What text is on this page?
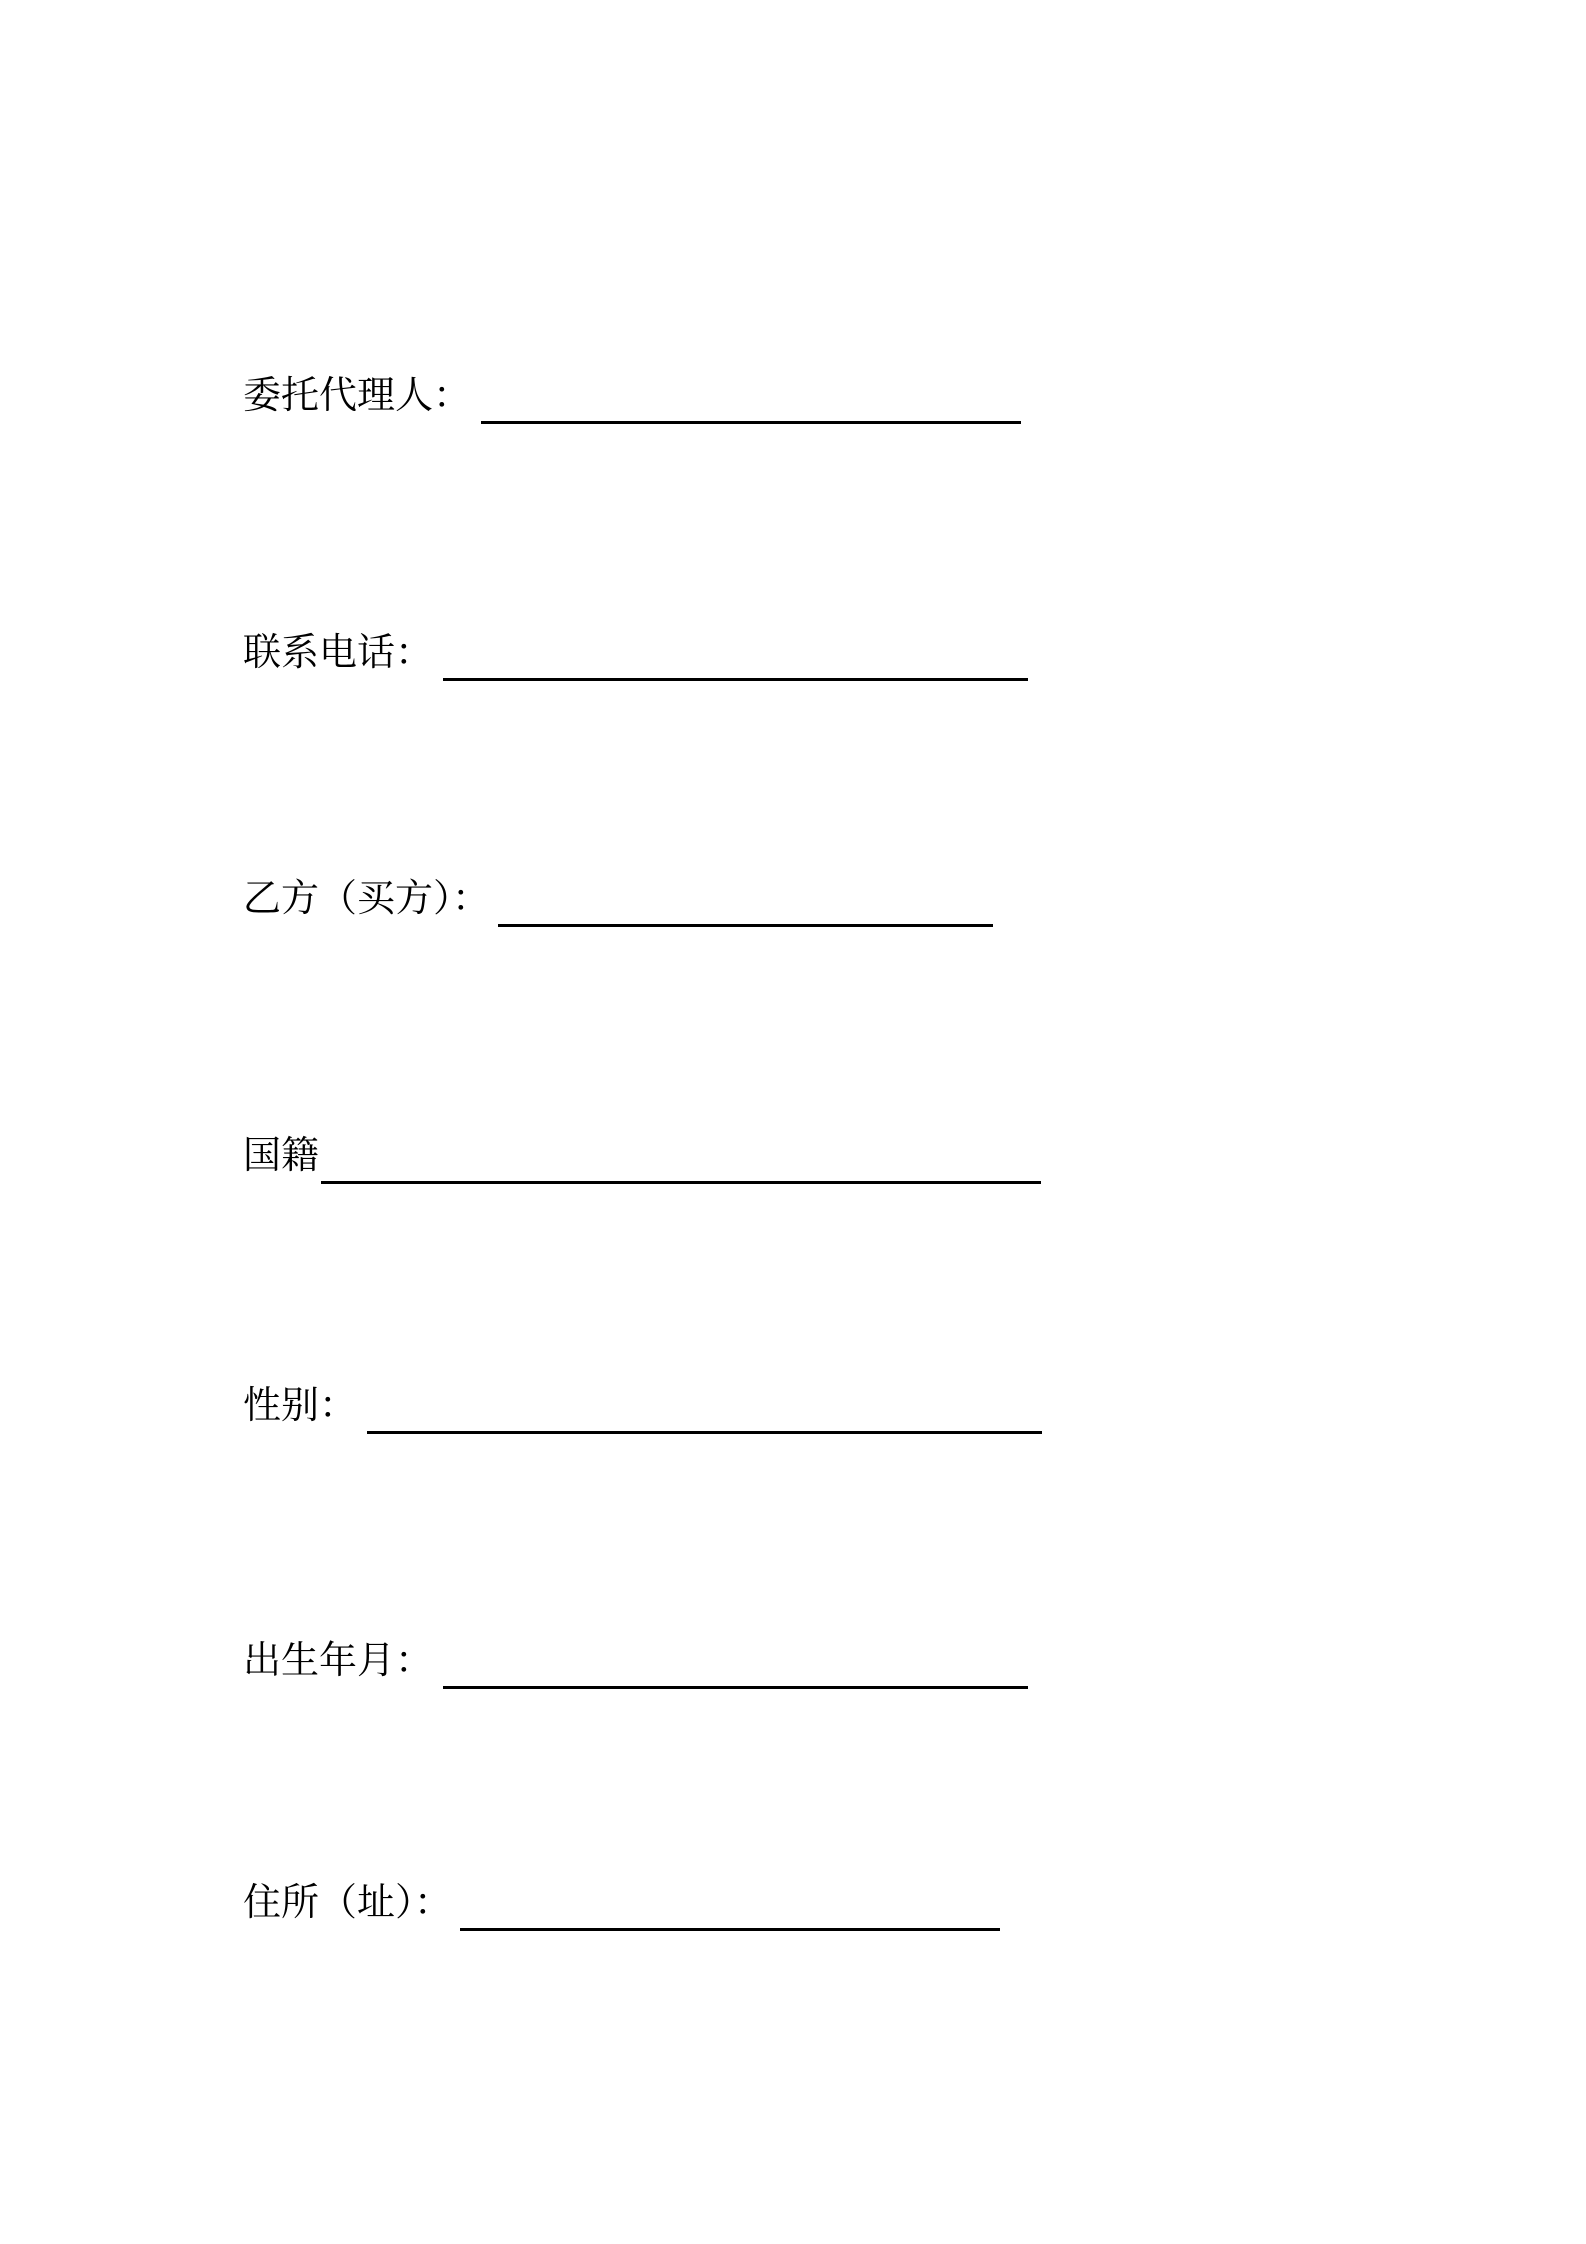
委托代理人：
联系电话：
乙方（买方）：
国籍
性别：
出生年月：
住所（址）：
